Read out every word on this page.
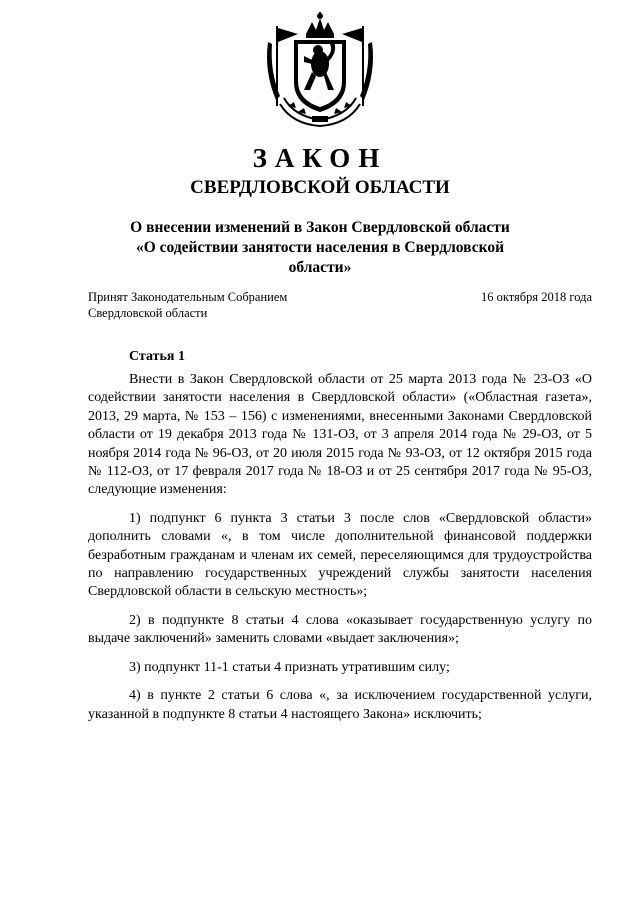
ЗАКОН
СВЕРДЛОВСКОЙ ОБЛАСТИ
О внесении изменений в Закон Свердловской области «О содействии занятости населения в Свердловской области»
Принят Законодательным Собранием
Свердловской области
16 октября 2018 года
Статья 1

Внести в Закон Свердловской области от 25 марта 2013 года № 23-ОЗ «О содействии занятости населения в Свердловской области» («Областная газета», 2013, 29 марта, № 153 – 156) с изменениями, внесенными Законами Свердловской области от 19 декабря 2013 года № 131-ОЗ, от 3 апреля 2014 года № 29-ОЗ, от 5 ноября 2014 года № 96-ОЗ, от 20 июля 2015 года № 93-ОЗ, от 12 октября 2015 года № 112-ОЗ, от 17 февраля 2017 года № 18-ОЗ и от 25 сентября 2017 года № 95-ОЗ, следующие изменения:

1) подпункт 6 пункта 3 статьи 3 после слов «Свердловской области» дополнить словами «, в том числе дополнительной финансовой поддержки безработным гражданам и членам их семей, переселяющимся для трудоустройства по направлению государственных учреждений службы занятости населения Свердловской области в сельскую местность»;

2) в подпункте 8 статьи 4 слова «оказывает государственную услугу по выдаче заключений» заменить словами «выдает заключения»;

3) подпункт 11-1 статьи 4 признать утратившим силу;

4) в пункте 2 статьи 6 слова «, за исключением государственной услуги, указанной в подпункте 8 статьи 4 настоящего Закона» исключить;
